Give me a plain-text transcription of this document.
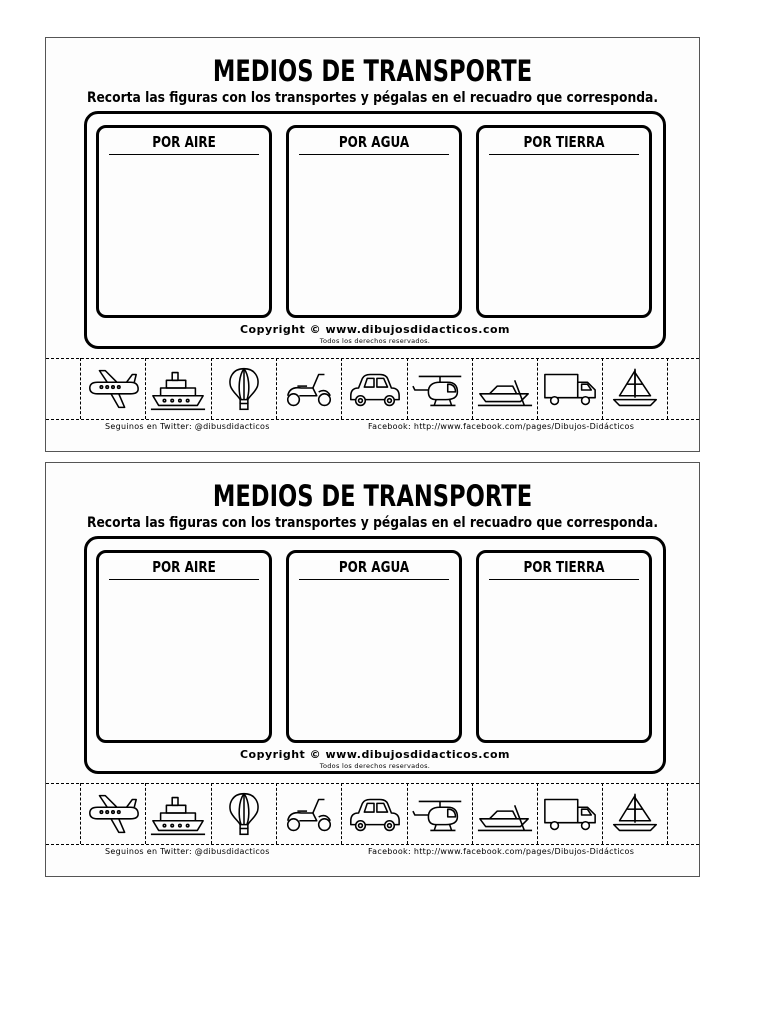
MEDIOS DE TRANSPORTE
Recorta las figuras con los transportes y pégalas en el recuadro que corresponda.
POR AIRE	POR AGUA	POR TIERRA
Copyright © www.dibujosdidacticos.com
Todos los derechos reservados.
Seguinos en Twitter: @dibusdidacticos	Facebook: http://www.facebook.com/pages/Dibujos-Didácticos
MEDIOS DE TRANSPORTE
Recorta las figuras con los transportes y pégalas en el recuadro que corresponda.
POR AIRE	POR AGUA	POR TIERRA
Copyright © www.dibujosdidacticos.com
Todos los derechos reservados.
Seguinos en Twitter: @dibusdidacticos	Facebook: http://www.facebook.com/pages/Dibujos-Didácticos
